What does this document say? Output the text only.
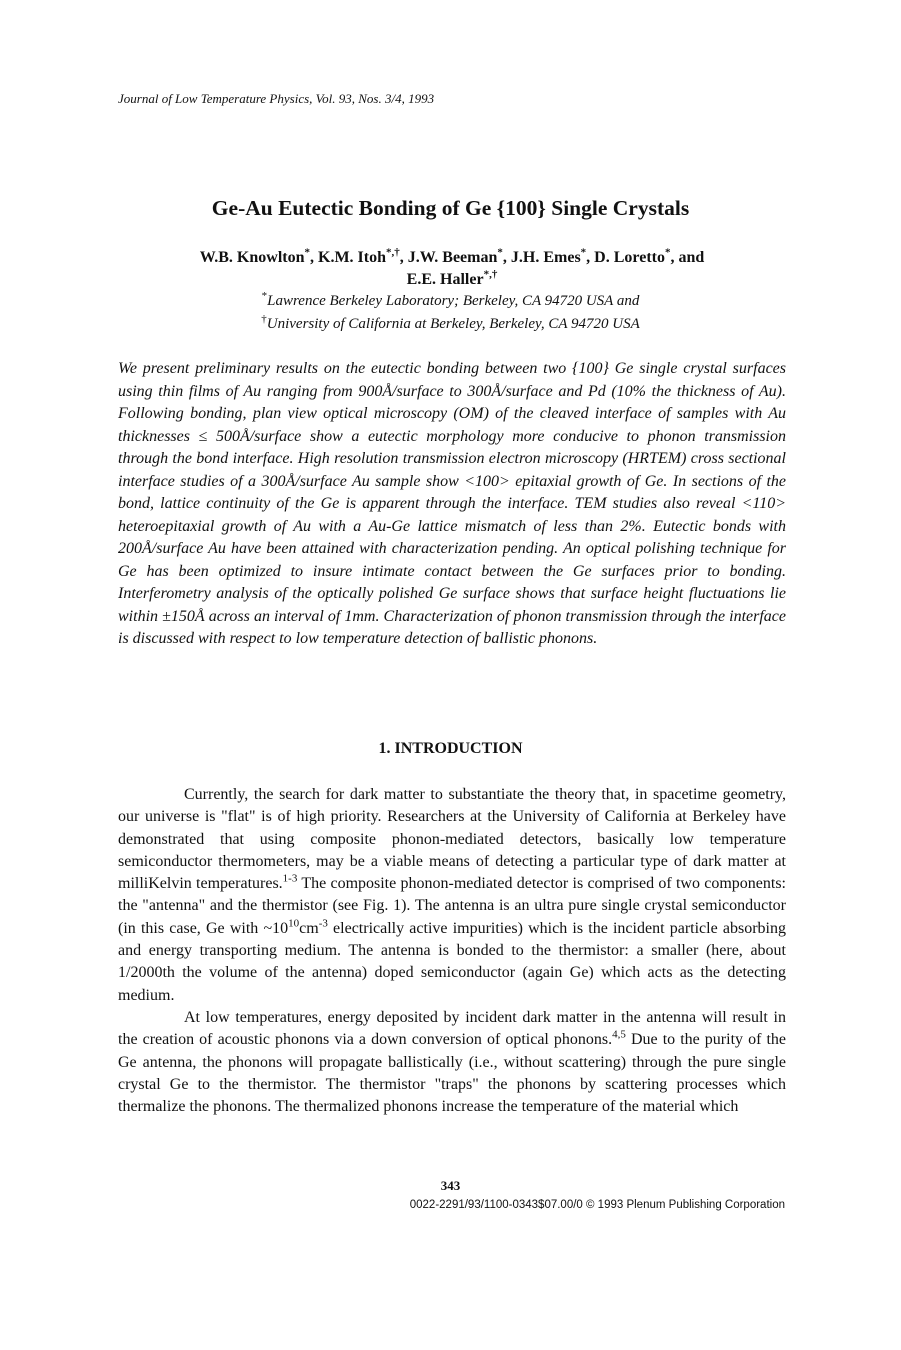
Journal of Low Temperature Physics, Vol. 93, Nos. 3/4, 1993
Ge-Au Eutectic Bonding of Ge {100} Single Crystals
W.B. Knowlton*, K.M. Itoh*,†, J.W. Beeman*, J.H. Emes*, D. Loretto*, and
E.E. Haller*,†
*Lawrence Berkeley Laboratory; Berkeley, CA 94720 USA and
†University of California at Berkeley, Berkeley, CA 94720 USA
We present preliminary results on the eutectic bonding between two {100} Ge single crystal surfaces using thin films of Au ranging from 900Å/surface to 300Å/surface and Pd (10% the thickness of Au). Following bonding, plan view optical microscopy (OM) of the cleaved interface of samples with Au thicknesses ≤ 500Å/surface show a eutectic morphology more conducive to phonon transmission through the bond interface. High resolution transmission electron microscopy (HRTEM) cross sectional interface studies of a 300Å/surface Au sample show <100> epitaxial growth of Ge. In sections of the bond, lattice continuity of the Ge is apparent through the interface. TEM studies also reveal <110> heteroepitaxial growth of Au with a Au-Ge lattice mismatch of less than 2%. Eutectic bonds with 200Å/surface Au have been attained with characterization pending. An optical polishing technique for Ge has been optimized to insure intimate contact between the Ge surfaces prior to bonding. Interferometry analysis of the optically polished Ge surface shows that surface height fluctuations lie within ±150Å across an interval of 1mm. Characterization of phonon transmission through the interface is discussed with respect to low temperature detection of ballistic phonons.
1. INTRODUCTION

Currently, the search for dark matter to substantiate the theory that, in spacetime geometry, our universe is "flat" is of high priority. Researchers at the University of California at Berkeley have demonstrated that using composite phonon-mediated detectors, basically low temperature semiconductor thermometers, may be a viable means of detecting a particular type of dark matter at milliKelvin temperatures.$^{1-3}$ The composite phonon-mediated detector is comprised of two components: the "antenna" and the thermistor (see Fig. 1). The antenna is an ultra pure single crystal semiconductor (in this case, Ge with $\sim 10^{10}cm^{-3}$ electrically active impurities) which is the incident particle absorbing and energy transporting medium. The antenna is bonded to the thermistor: a smaller (here, about 1/2000th the volume of the antenna) doped semiconductor (again Ge) which acts as the detecting medium.

At low temperatures, energy deposited by incident dark matter in the antenna will result in the creation of acoustic phonons via a down conversion of optical phonons.$^{4,5}$ Due to the purity of the Ge antenna, the phonons will propagate ballistically (i.e., without scattering) through the pure single crystal Ge to the thermistor. The thermistor "traps" the phonons by scattering processes which thermalize the phonons. The thermalized phonons increase the temperature of the material which

343
0022-2291/93/1100-0343$07.00/0 © 1993 Plenum Publishing Corporation
